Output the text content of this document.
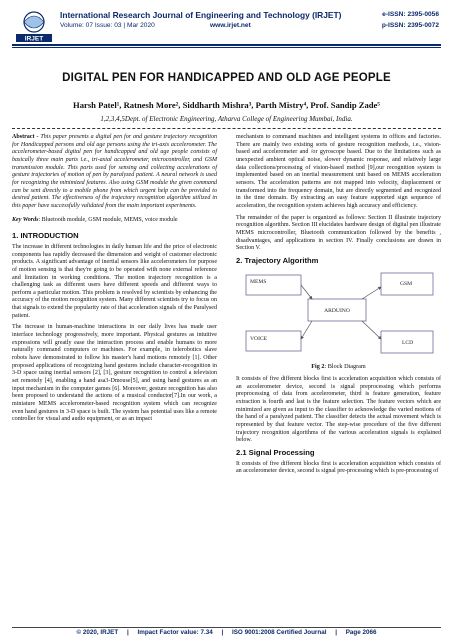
IRJET
International Research Journal of Engineering and Technology (IRJET)
Volume: 07 Issue: 03 | Mar 2020	www.irjet.net
e-ISSN: 2395-0056
p-ISSN: 2395-0072
DIGITAL PEN FOR HANDICAPPED AND OLD AGE PEOPLE
Harsh Patel¹, Ratnesh More², Siddharth Mishra³, Parth Mistry⁴, Prof. Sandip Zade⁵
1,2,3,4,5Dept. of Electronic Engineering, Atharva College of Engineering Mumbai, India.

Abstract - This paper presents a digital pen for and gesture trajectory recognition for Handicapped persons and old age persons using the tri-axis accelerometer. The accelerometer-based digital pen for handicapped and old age people consists of basically three main parts i.e., tri-axial accelerometer, microcontroller, and GSM transmission module. This parts used for sensing and collecting accelerations of gesture trajectories of motion of pen by paralyzed patient. A neural network is used for recognizing the minimized features. Also using GSM module the given command can be sent directly to a mobile phone from which urgent help can be provided to desired patient. The effectiveness of the trajectory recognition algorithm utilized in this paper have successfully validated from the main important experiments.

Key Words: Bluetooth module, GSM module, MEMS, voice module

1. INTRODUCTION

The increase in different technologies in daily human life and the price of electronic components has rapidly decreased the dimension and weight of customer electronic products. A significant advantage of inertial sensors like accelerometers for purpose of motion sensing is that they're going to be operated with none external reference and limitation in working conditions. The motion trajectory recognition is a challenging task as different users have different speeds and different ways to perform a particular motion. This problem is resolved by scientists by enhancing the accuracy of the motion recognition system. Many different scientists try to focus on that signals to extend the popularity rate of that acceleration signals of the Paralysed patient.

The increase in human-machine interactions in our daily lives has made user interface technology progressively, more important. Physical gestures as intuitive expressions will greatly ease the interaction process and enable humans to more naturally command computers or machines. For example, in telerobotics slave robots have demonstrated to follow his master's hand motions remotely [1]. Other proposed applications of recognizing hand gestures include character-recognition in 3-D space using inertial sensors [2], [3], gesture recognition to control a television set remotely [4], enabling a hand asa3-Dmouse[5], and using hand gestures as an input mechanism in the computer games [6]. Moreover, gesture recognition has also been proposed to understand the actions of a musical conductor[7].In our work, a miniature MEMS accelerometer-based recognition system which can recognize even hand gestures in 3-D space is built. The system has potential uses like a remote controller for visual and audio equipment, or as an impact

mechanism to command machines and intelligent systems in offices and factories. There are mainly two existing sorts of gesture recognition methods, i.e., vision-based and accelerometer and /or gyroscope based. Due to the limitations such as unexpected ambient optical noise, slower dynamic response, and relatively large data collections/processing of vision-based method [9],our recognition system is implemented based on an inertial measurement unit based on MEMS acceleration sensors. The acceleration patterns are not mapped into velocity, displacement or transformed into the frequency domain, but are directly segmented and recognized in the time domain. By extracting an easy feature supported sign sequence of acceleration, the recognition system achieves high accuracy and efficiency.

The remainder of the paper is organized as follows: Section II illustrate trajectory recognition algorithm. Section III elucidates hardware design of digital pen illustrate MEMS microcontroller, Bluetooth communication followed by the benefits , disadvantages, and applications in section IV. Finally conclusions are drawn in Section V.

2. Trajectory Algorithm
MEMS	GSM
ARDUINO
VOICE
LCD
Fig 2: Block Diagram

It consists of five different blocks first is acceleration acquisition which consists of an accelerometer device, second is signal preprocessing which performs preprocessing of data from accelerometer, third is feature generation, feature extraction is fourth and last is the feature selection. The feature vectors which are minimized are given as input to the classifier to acknowledge the varied motions of the hand of a paralyzed patient. The classifier detects the actual movement which is represented by that feature vector. The step-wise procedure of the five different trajectory recognition algorithms of the various acceleration signals is explained below.

2.1 Signal Processing

It consists of five different blocks first is acceleration acquisition which consists of an accelerometer device, second is signal pre-processing which is pre-processing of

© 2020, IRJET     |     Impact Factor value: 7.34     |     ISO 9001:2008 Certified Journal     |     Page 2066
